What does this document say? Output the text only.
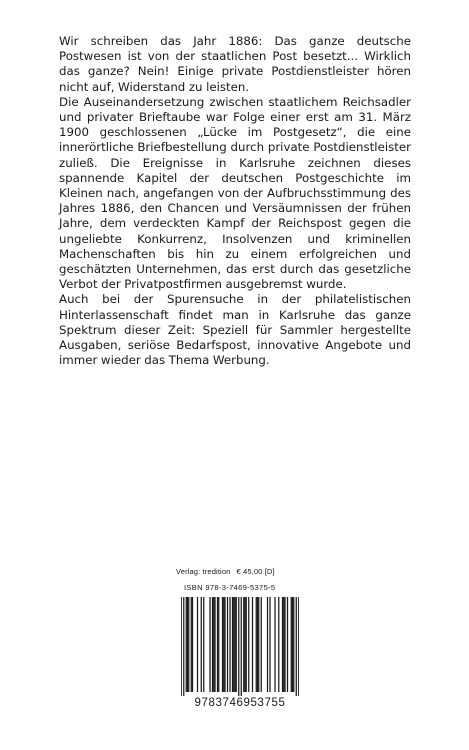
Wir schreiben das Jahr 1886: Das ganze deutsche Postwesen ist von der staatlichen Post besetzt... Wirklich das ganze? Nein! Einige private Postdienstleister hören nicht auf, Widerstand zu leisten.

Die Auseinandersetzung zwischen staatlichem Reichsadler und privater Brieftaube war Folge einer erst am 31. März 1900 geschlossenen „Lücke im Postgesetz“, die eine innerörtliche Briefbestellung durch private Postdienstleister zuließ. Die Ereignisse in Karlsruhe zeichnen dieses spannende Kapitel der deutschen Postgeschichte im Kleinen nach, angefangen von der Aufbruchsstimmung des Jahres 1886, den Chancen und Versäumnissen der frühen Jahre, dem verdeckten Kampf der Reichspost gegen die ungeliebte Konkurrenz, Insolvenzen und kriminellen Machenschaften bis hin zu einem erfolgreichen und geschätzten Unternehmen, das erst durch das gesetzliche Verbot der Privatpostfirmen ausgebremst wurde.

Auch bei der Spurensuche in der philatelistischen Hinterlassenschaft findet man in Karlsruhe das ganze Spektrum dieser Zeit: Speziell für Sammler hergestellte Ausgaben, seriöse Bedarfspost, innovative Angebote und immer wieder das Thema Werbung.

Verlag: tredition € 45,00 [D]
ISBN 978-3-7469-5375-5
9783746953755
